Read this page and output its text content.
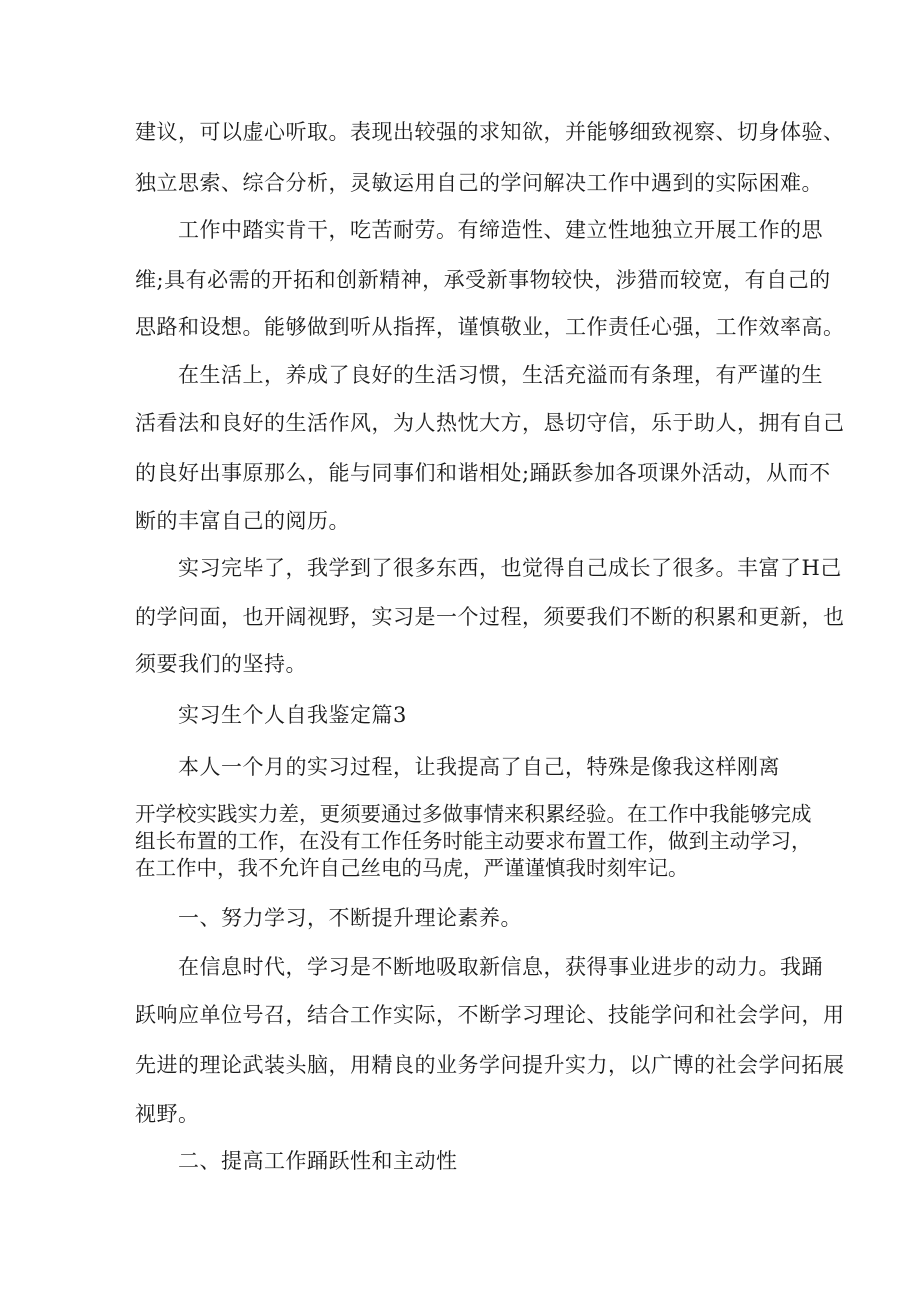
建议，可以虚心听取。表现出较强的求知欲，并能够细致视察、切身体验、
独立思索、综合分析，灵敏运用自己的学问解决工作中遇到的实际困难。
工作中踏实肯干，吃苦耐劳。有缔造性、建立性地独立开展工作的思
维;具有必需的开拓和创新精神，承受新事物较快，涉猎而较宽，有自己的
思路和设想。能够做到听从指挥，谨慎敬业，工作责任心强，工作效率高。
在生活上，养成了良好的生活习惯，生活充溢而有条理，有严谨的生
活看法和良好的生活作风，为人热忱大方，恳切守信，乐于助人，拥有自己
的良好出事原那么，能与同事们和谐相处;踊跃参加各项课外活动，从而不
断的丰富自己的阅历。
实习完毕了，我学到了很多东西，也觉得自己成长了很多。丰富了H己
的学问面，也开阔视野，实习是一个过程，须要我们不断的积累和更新，也
须要我们的坚持。
实习生个人自我鉴定篇3
本人一个月的实习过程，让我提高了自己，特殊是像我这样刚离
开学校实践实力差，更须要通过多做事情来积累经验。在工作中我能够完成
组长布置的工作，在没有工作任务时能主动要求布置工作，做到主动学习，
在工作中，我不允许自己丝电的马虎，严谨谨慎我时刻牢记。
一、努力学习，不断提升理论素养。
在信息时代，学习是不断地吸取新信息，获得事业进步的动力。我踊
跃响应单位号召，结合工作实际，不断学习理论、技能学问和社会学问，用
先进的理论武装头脑，用精良的业务学问提升实力，以广博的社会学问拓展
视野。
二、提高工作踊跃性和主动性
